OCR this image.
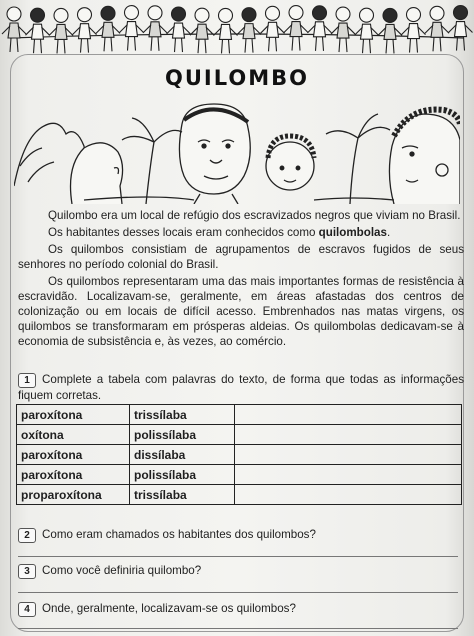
QUILOMBO

Quilombo era um local de refúgio dos escravizados negros que viviam no Brasil.

Os habitantes desses locais eram conhecidos como quilombolas.

Os quilombos consistiam de agrupamentos de escravos fugidos de seus senhores no período colonial do Brasil.

Os quilombos representaram uma das mais importantes formas de resistência à escravidão. Localizavam-se, geralmente, em áreas afastadas dos centros de colonização ou em locais de difícil acesso. Embrenhados nas matas virgens, os quilombos se transformaram em prósperas aldeias. Os quilombolas dedicavam-se à economia de subsistência e, às vezes, ao comércio.

1 Complete a tabela com palavras do texto, de forma que todas as informações fiquem corretas.
paroxítona	trissílaba	
oxítona	polissílaba	
paroxítona	dissílaba	
paroxítona	polissílaba	
proparoxítona	trissílaba	
2 Como eram chamados os habitantes dos quilombos?
3 Como você definiria quilombo?
4 Onde, geralmente, localizavam-se os quilombos?
